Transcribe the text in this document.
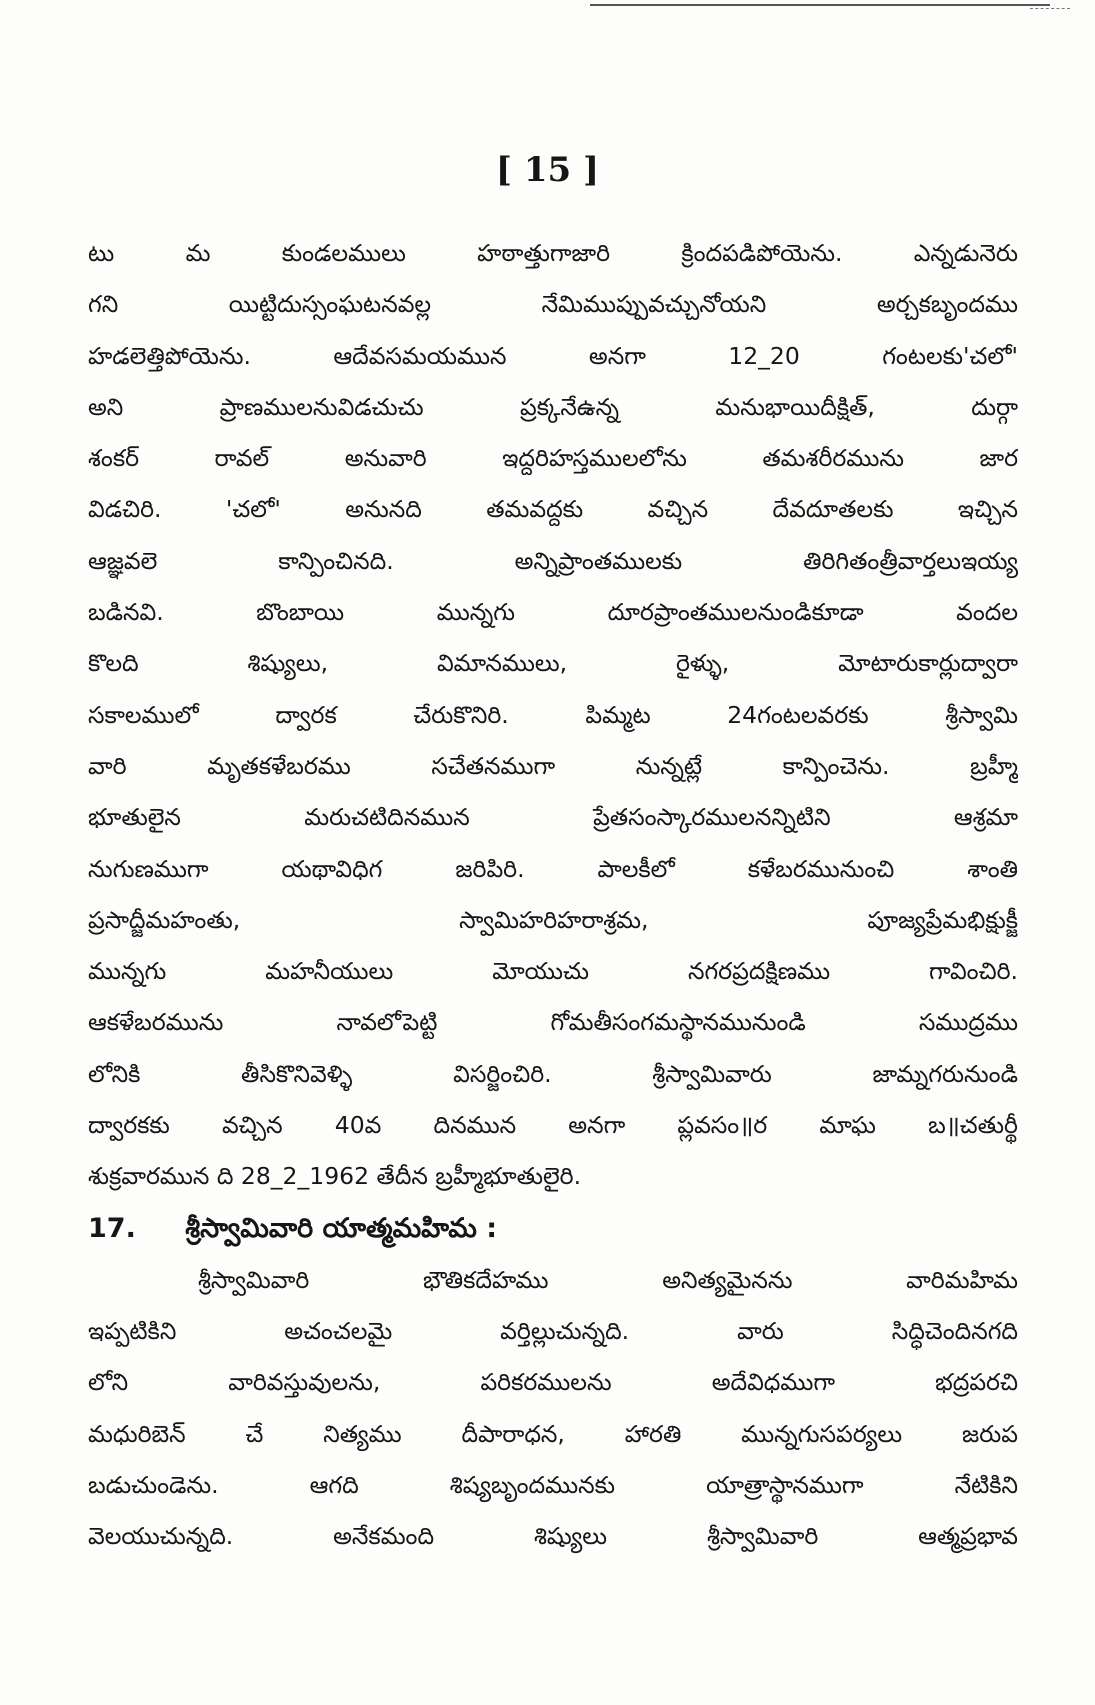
[ 15 ]
టు మ కుండలములు హఠాత్తుగాజారి క్రిందపడిపోయెను. ఎన్నడునెరు
గని యిట్టిదుస్సంఘటనవల్ల నేమిముప్పువచ్చునోయని అర్చకబృందము
హడలెత్తిపోయెను. ఆదేవసమయమున అనగా 12_20 గంటలకు'చలో'
అని ప్రాణములనువిడచుచు ప్రక్కనేఉన్న మనుభాయిదీక్షిత్, దుర్గా
శంకర్ రావల్ అనువారి ఇద్దరిహస్తములలోను తమశరీరమును జార
విడచిరి. 'చలో' అనునది తమవద్దకు వచ్చిన దేవదూతలకు ఇచ్చిన
ఆజ్ఞవలె కాన్పించినది. అన్నిప్రాంతములకు తిరిగితంత్రీవార్తలుఇయ్య
బడినవి. బొంబాయి మున్నగు దూరప్రాంతములనుండికూడా వందల
కొలది శిష్యులు, విమానములు, రైళ్ళు, మోటారుకార్లుద్వారా
సకాలములో ద్వారక చేరుకొనిరి. పిమ్మట 24గంటలవరకు శ్రీస్వామి
వారి మృతకళేబరము సచేతనముగా నున్నట్లే కాన్పించెను. బ్రహ్మీ
భూతులైన మరుచటిదినమున ప్రేతసంస్కారములనన్నిటిని ఆశ్రమా
నుగుణముగా యథావిధిగ జరిపిరి. పాలకీలో కళేబరమునుంచి శాంతి
ప్రసాద్జీమహంతు, స్వామిహరిహరాశ్రమ, పూజ్యప్రేమభిక్షుక్జీ
మున్నగు మహనీయులు మోయుచు నగరప్రదక్షిణము గావించిరి.
ఆకళేబరమును నావలోపెట్టి గోమతీసంగమస్థానమునుండి సముద్రము
లోనికి తీసికొనివెళ్ళి విసర్జించిరి. శ్రీస్వామివారు జామ్నగరునుండి
ద్వారకకు వచ్చిన 40వ దినమున అనగా ప్లవసం॥ర మాఘ బ॥చతుర్థీ
శుక్రవారమున ది 28_2_1962 తేదీన బ్రహ్మీభూతులైరి.
17. శ్రీస్వామివారి యాత్మమహిమ :
శ్రీస్వామివారి భౌతికదేహము అనిత్యమైనను వారిమహిమ
ఇప్పటికిని అచంచలమై వర్తిల్లుచున్నది. వారు సిద్ధిచెందినగది
లోని వారివస్తువులను, పరికరములను అదేవిధముగా భద్రపరచి
మధురిబెన్ చే నిత్యము దీపారాధన, హారతి మున్నగుసపర్యలు జరుప
బడుచుండెను. ఆగది శిష్యబృందమునకు యాత్రాస్థానముగా నేటికిని
వెలయుచున్నది. అనేకమంది శిష్యులు శ్రీస్వామివారి ఆత్మప్రభావ
